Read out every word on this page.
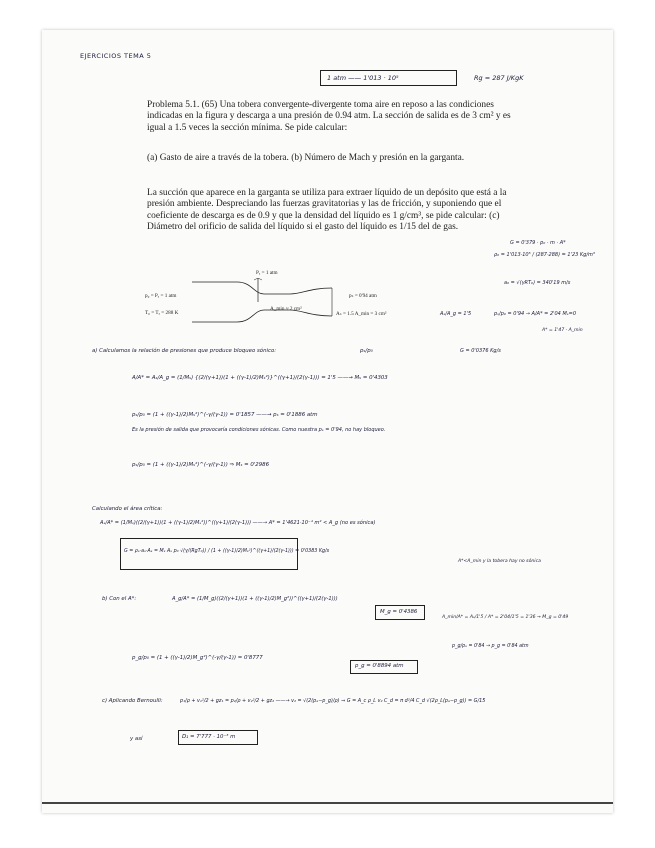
EJERCICIOS TEMA 5
1 atm —— 1'013 · 10⁵	Rg = 287 J/KgK
Problema 5.1. (65) Una tobera convergente-divergente toma aire en reposo a las condiciones indicadas en la figura y descarga a una presión de 0.94 atm. La sección de salida es de 3 cm² y es igual a 1.5 veces la sección mínima. Se pide calcular:
(a) Gasto de aire a través de la tobera. (b) Número de Mach y presión en la garganta.
La succión que aparece en la garganta se utiliza para extraer líquido de un depósito que está a la presión ambiente. Despreciando las fuerzas gravitatorias y las de fricción, y suponiendo que el coeficiente de descarga es de 0.9 y que la densidad del líquido es 1 g/cm³, se pide calcular: (c) Diámetro del orificio de salida del líquido si el gasto del líquido es 1/15 del de gas.
G = 0'379 · p₀ · m · A*
ρ₀ = 1'013·10⁵ / (287·288) = 1'23 Kg/m³
a₀ = √(γRT₀) = 340'19 m/s
Pₐ = 1 atm
p₀ = Pₐ = 1 atm
T₀ = Tₐ = 288 K
A_min ≈ 2 cm²
pₛ = 0'94 atm
Aₛ = 1.5 A_min = 3 cm²	Aₛ/A_g = 1'5	pₛ/p₀ = 0'94 → A/A* = 2'04 Mₛ=0
A* = 1'47 · A_min
G = 0'0376 Kg/s
a) Calculamos la relación de presiones que produce bloqueo sónico:	pₛ/p₀
A/A* = Aₛ/A_g = (1/Mₛ) {(2/(γ+1))(1 + ((γ-1)/2)Mₛ²)}^((γ+1)/(2(γ-1))) = 1'5 ——→ Mₛ = 0'4303
pₛ/p₀ = (1 + ((γ-1)/2)Mₛ²)^(-γ/(γ-1)) = 0'1857 ——→ pₛ = 0'1886 atm
Es la presión de salida que provocaría condiciones sónicas. Como nuestra pₛ = 0'94, no hay bloqueo.
pₛ/p₀ = (1 + ((γ-1)/2)Mₛ²)^(-γ/(γ-1)) ⇒ Mₛ = 0'2986
Calculando el área crítica:
Aₛ/A* = (1/Mₛ)((2/(γ+1))(1 + ((γ-1)/2)Mₛ²))^((γ+1)/(2(γ-1))) ——→ A* = 1'4621·10⁻⁴ m² < A_g (no es sónica)
G = ρₛ·aₛ·Aₛ = Mₛ Aₛ p₀ √(γ/(RgT₀)) / (1 + ((γ-1)/2)Mₛ²)^((γ+1)/(2(γ-1))) = 0'0383 Kg/s
A*<A_min y la tobera hay no sónica
b) Con el A*:	A_g/A* = (1/M_g)((2/(γ+1))(1 + ((γ-1)/2)M_g²))^((γ+1)/(2(γ-1)))
M_g = 0'4386
A_min/A* = Aₛ/1'5 / A* = 2'04/1'5 = 1'36 → M_g = 0'49
p_g/p₀ = (1 + ((γ-1)/2)M_g²)^(-γ/(γ-1)) = 0'8777
p_g = 0'8894 atm
p_g/pₛ = 0'84 → p_g = 0'84 atm
c) Aplicando Bernoulli:	p₁/ρ + v₁²/2 + gz₁ = p₂/ρ + v₂²/2 + gz₂ ——→ v₂ = √(2(pₐ−p_g)/ρ) ⇒ G = A_c ρ_L v₂ C_d = π d²/4 C_d √(2ρ_L(pₐ−p_g)) = G/15
y así	D₁ = 7'777 · 10⁻³ m
